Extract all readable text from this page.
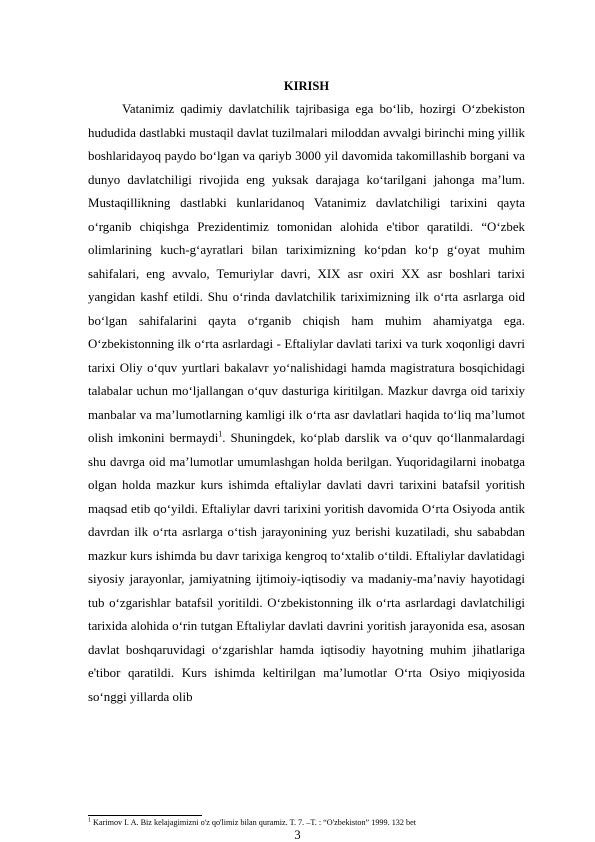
KIRISH

Vatanimiz qadimiy davlatchilik tajribasiga ega bo‘lib, hozirgi O‘zbekiston hududida dastlabki mustaqil davlat tuzilmalari miloddan avvalgi birinchi ming yillik boshlaridayoq paydo bo‘lgan va qariyb 3000 yil davomida takomillashib borgani va dunyo davlatchiligi rivojida eng yuksak darajaga ko‘tarilgani jahonga ma’lum. Mustaqillikning dastlabki kunlaridanoq Vatanimiz davlatchiligi tarixini qayta o‘rganib chiqishga Prezidentimiz tomonidan alohida e'tibor qaratildi. “O‘zbek olimlarining kuch-g‘ayratlari bilan tariximizning ko‘pdan ko‘p g‘oyat muhim sahifalari, eng avvalo, Temuriylar davri, XIX asr oxiri XX asr boshlari tarixi yangidan kashf etildi. Shu o‘rinda davlatchilik tariximizning ilk o‘rta asrlarga oid bo‘lgan sahifalarini qayta o‘rganib chiqish ham muhim ahamiyatga ega. O‘zbekistonning ilk o‘rta asrlardagi - Eftaliylar davlati tarixi va turk xoqonligi davri tarixi Oliy o‘quv yurtlari bakalavr yo‘nalishidagi hamda magistratura bosqichidagi talabalar uchun mo‘ljallangan o‘quv dasturiga kiritilgan. Mazkur davrga oid tarixiy manbalar va ma’lumotlarning kamligi ilk o‘rta asr davlatlari haqida to‘liq ma’lumot olish imkonini bermaydi$^1$. Shuningdek, ko‘plab darslik va o‘quv qo‘llanmalardagi shu davrga oid ma’lumotlar umumlashgan holda berilgan. Yuqoridagilarni inobatga olgan holda mazkur kurs ishimda eftaliylar davlati davri tarixini batafsil yoritish maqsad etib qo‘yildi. Eftaliylar davri tarixini yoritish davomida O‘rta Osiyoda antik davrdan ilk o‘rta asrlarga o‘tish jarayonining yuz berishi kuzatiladi, shu sababdan mazkur kurs ishimda bu davr tarixiga kengroq to‘xtalib o‘tildi. Eftaliylar davlatidagi siyosiy jarayonlar, jamiyatning ijtimoiy-iqtisodiy va madaniy-ma’naviy hayotidagi tub o‘zgarishlar batafsil yoritildi. O‘zbekistonning ilk o‘rta asrlardagi davlatchiligi tarixida alohida o‘rin tutgan Eftaliylar davlati davrini yoritish jarayonida esa, asosan davlat boshqaruvidagi o‘zgarishlar hamda iqtisodiy hayotning muhim jihatlariga e'tibor qaratildi. Kurs ishimda keltirilgan ma’lumotlar O‘rta Osiyo miqiyosida so‘nggi yillarda olib

$^1$ Karimov I. A. Biz kelajagimizni o'z qo'limiz bilan quramiz. T. 7. –T. : “O'zbekiston” 1999. 132 bet

3
